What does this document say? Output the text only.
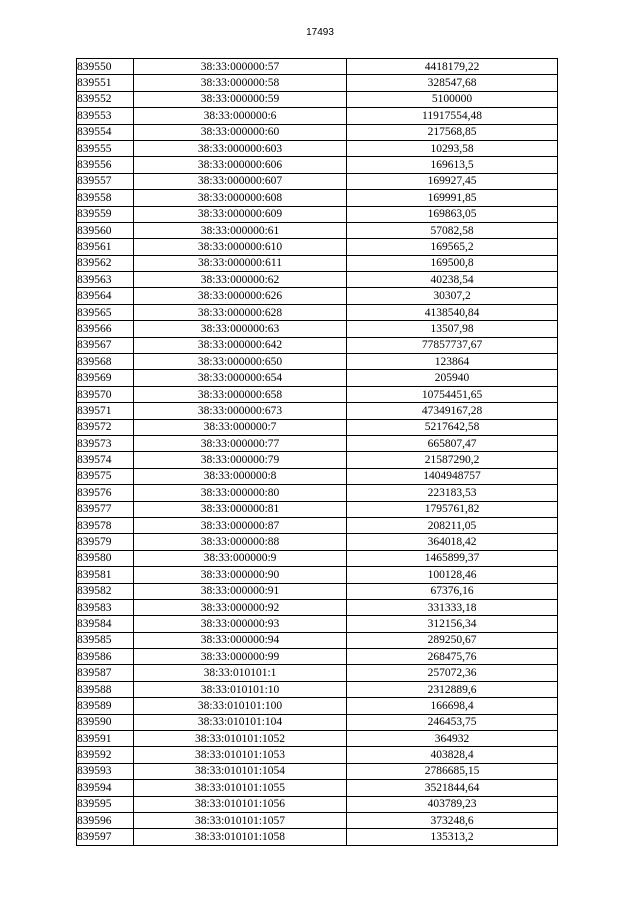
17493
839550	38:33:000000:57	4418179,22
839551	38:33:000000:58	328547,68
839552	38:33:000000:59	5100000
839553	38:33:000000:6	11917554,48
839554	38:33:000000:60	217568,85
839555	38:33:000000:603	10293,58
839556	38:33:000000:606	169613,5
839557	38:33:000000:607	169927,45
839558	38:33:000000:608	169991,85
839559	38:33:000000:609	169863,05
839560	38:33:000000:61	57082,58
839561	38:33:000000:610	169565,2
839562	38:33:000000:611	169500,8
839563	38:33:000000:62	40238,54
839564	38:33:000000:626	30307,2
839565	38:33:000000:628	4138540,84
839566	38:33:000000:63	13507,98
839567	38:33:000000:642	77857737,67
839568	38:33:000000:650	123864
839569	38:33:000000:654	205940
839570	38:33:000000:658	10754451,65
839571	38:33:000000:673	47349167,28
839572	38:33:000000:7	5217642,58
839573	38:33:000000:77	665807,47
839574	38:33:000000:79	21587290,2
839575	38:33:000000:8	1404948757
839576	38:33:000000:80	223183,53
839577	38:33:000000:81	1795761,82
839578	38:33:000000:87	208211,05
839579	38:33:000000:88	364018,42
839580	38:33:000000:9	1465899,37
839581	38:33:000000:90	100128,46
839582	38:33:000000:91	67376,16
839583	38:33:000000:92	331333,18
839584	38:33:000000:93	312156,34
839585	38:33:000000:94	289250,67
839586	38:33:000000:99	268475,76
839587	38:33:010101:1	257072,36
839588	38:33:010101:10	2312889,6
839589	38:33:010101:100	166698,4
839590	38:33:010101:104	246453,75
839591	38:33:010101:1052	364932
839592	38:33:010101:1053	403828,4
839593	38:33:010101:1054	2786685,15
839594	38:33:010101:1055	3521844,64
839595	38:33:010101:1056	403789,23
839596	38:33:010101:1057	373248,6
839597	38:33:010101:1058	135313,2
